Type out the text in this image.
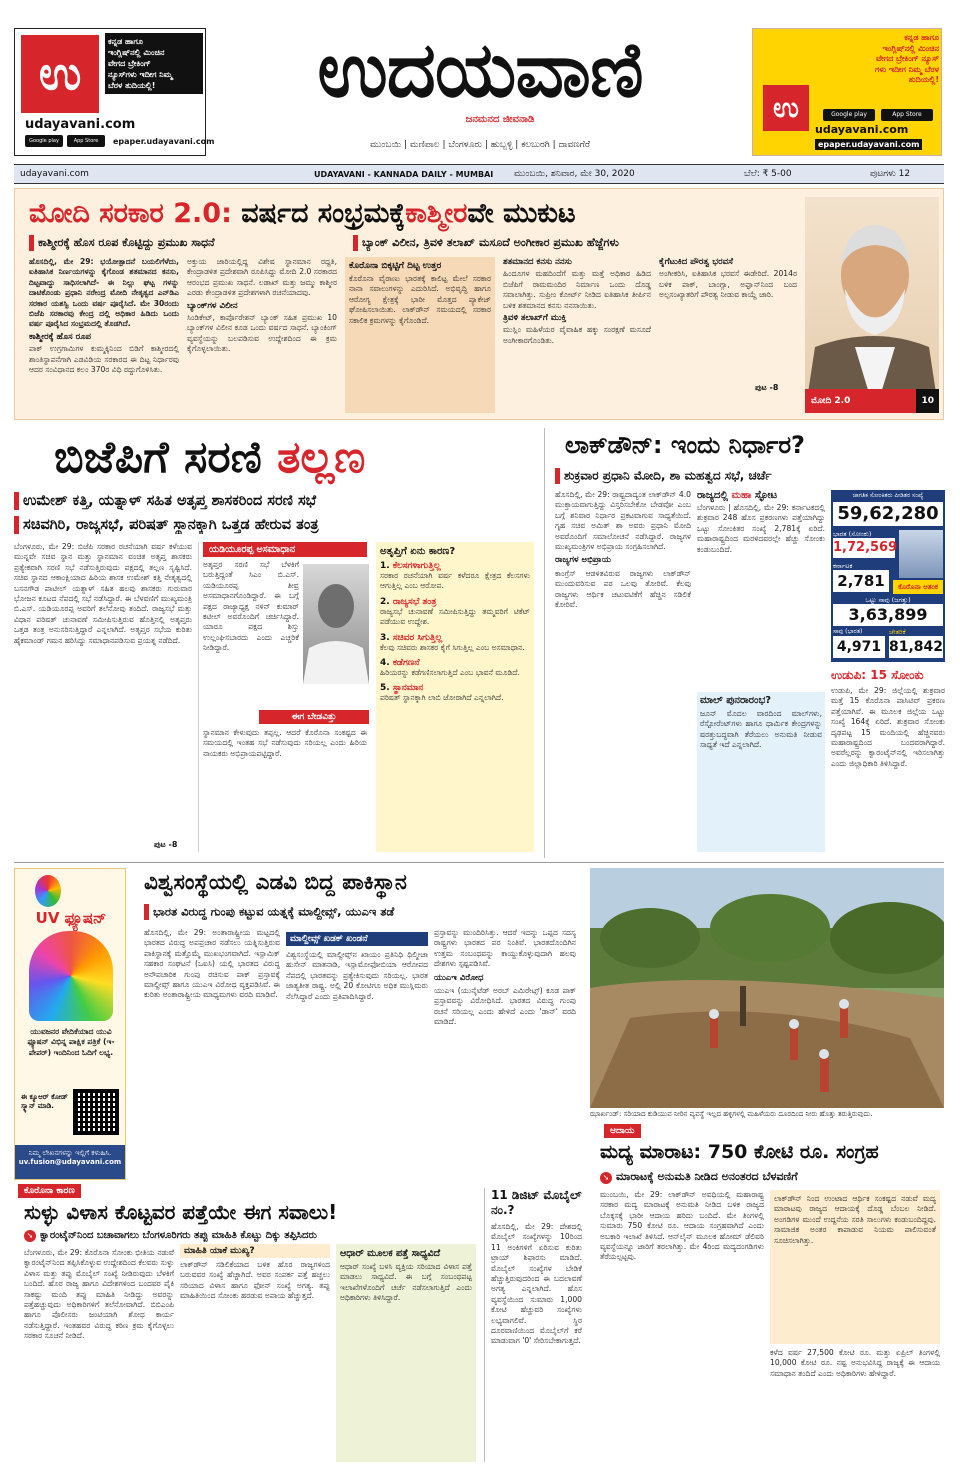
ಉ
ಕನ್ನಡ ಹಾಗೂ
ಇಂಗ್ಲಿಷ್‌ನಲ್ಲಿ ಮಿಂಚಿನ
ವೇಗದ ಬ್ರೇಕಿಂಗ್
ನ್ಯೂಸ್‌ಗಳು ಇದೀಗ ನಿಮ್ಮ
ಬೆರಳ ತುದಿಯಲ್ಲಿ!
udayavani.com
Google play	App Store	epaper.udayavani.com
ಉದಯವಾಣಿ
ಜನಮನದ ಜೀವನಾಡಿ
ಕನ್ನಡ ಹಾಗೂ
ಇಂಗ್ಲಿಷ್‌ನಲ್ಲಿ ಮಿಂಚಿನ
ವೇಗದ ಬ್ರೇಕಿಂಗ್ ನ್ಯೂಸ್
ಗಳು ಇದೀಗ ನಿಮ್ಮ ಬೆರಳ
ತುದಿಯಲ್ಲಿ!
ಉ
udayavani.com
Google play	App Store
epaper.udayavani.com
ಮುಂಬಯಿ | ಮಣಿಪಾಲ | ಬೆಂಗಳೂರು | ಹುಬ್ಬಳ್ಳಿ | ಕಲಬುರಗಿ | ದಾವಣಗೆರೆ
udayavani.com	UDAYAVANI - KANNADA DAILY - MUMBAI ಮುಂಬಯಿ, ಶನಿವಾರ, ಮೇ 30, 2020	ಬೆಲೆ: ₹ 5-00	ಪುಟಗಳು 12
ಮೋದಿ ಸರಕಾರ 2.0: ವರ್ಷದ ಸಂಭ್ರಮಕ್ಕೆಕಾಶ್ಮೀರವೇ ಮುಕುಟ
ಕಾಶ್ಮೀರಕ್ಕೆ ಹೊಸ ರೂಪ ಕೊಟ್ಟಿದ್ದು ಪ್ರಮುಖ ಸಾಧನೆ	ಬ್ಯಾಂಕ್ ವಿಲೀನ, ತ್ರಿವಳಿ ತಲಾಖ್ ಮಸೂದೆ ಅಂಗೀಕಾರ ಪ್ರಮುಖ ಹೆಜ್ಜೆಗಳು
ಹೊಸದಿಲ್ಲಿ, ಮೇ 29: ಭಯೋತ್ಪಾದನೆ ಬಯಲಿಗೆಳೆದು, ಐತಿಹಾಸಿಕ ನಿರ್ಣಯಗಳನ್ನು ಕೈಗೊಂಡ ಶತಮಾನದ ಕನಸು, ದಿಟ್ಟವಾದ್ದು ಸಾಧಿಸಲಾಗಿದೆ- ಈ ನಿಲ್ಲು ಘಟ್ಟ ಗಳನ್ನು ದಾಟಿಕೊಂಡು ಪ್ರಧಾನಿ ನರೇಂದ್ರ ಮೋದಿ ನೇತೃತ್ವದ ಎನ್‌ಡಿಎ ಸರಕಾರ ಯಶಸ್ವಿ ಒಂದು ವರ್ಷ ಪೂರೈಸಿದೆ. ಮೇ 30ರಂದು ಬಿಜೆಪಿ ಸರಕಾರವು ಕೇಂದ್ರ ದಲ್ಲಿ ಅಧಿಕಾರ ಹಿಡಿದು ಒಂದು ವರ್ಷ ಪೂರೈಸಿದ ಸಂಭ್ರಮದಲ್ಲಿ ತೊಡಗಿದೆ.
ಕಾಶ್ಮೀರಕ್ಕೆ ಹೊಸ ರೂಪ
ಪಾಕ್ ಉಗ್ರಗಾಮಿಗಳ ಕುಮ್ಮಕ್ಕಿನಿಂದ ಬಿಡಿಗೆ ಕಾಶ್ಮೀರದಲ್ಲಿ ಶಾಂತಿಸ್ಥಾಪನೆಗಾಗಿ ಎಡವಿಡಿಯ ಸರಕಾರದ ಈ ದಿಟ್ಟ ನಿರ್ಧಾರವು ಆದರ ಸಂವಿಧಾನದ ಕಲಂ 370ರ ವಿಧಿ ರದ್ದುಗೊಳಿಸಿತು.
ಅಕ್ತುಯ ಜಾರಿಯಲ್ಲಿದ್ದ ವಿಶೇಷ ಸ್ಥಾನಮಾನ ರದ್ದತಿ, ಕೇಂದ್ರಾಡಳಿತ ಪ್ರದೇಶವಾಗಿ ರೂಪಿಸಿದ್ದು ಮೋದಿ 2.0 ಸರಕಾರದ ಆರಂಭದ ಪ್ರಮುಖ ಸಾಧನೆ. ಲಡಾಖ್ ಮತ್ತು ಜಮ್ಮು ಕಾಶ್ಮೀರ ಎರಡು ಕೇಂದ್ರಾಡಳಿತ ಪ್ರದೇಶಗಳಾಗಿ ರಚನೆಯಾದವು.
ಬ್ಯಾಂಕ್‌ಗಳ ವಿಲೀನ
ಸಿಂಡಿಕೇಟ್, ಕಾರ್ಪೊರೇಶನ್ ಬ್ಯಾಂಕ್ ಸಹಿತ ಪ್ರಮುಖ 10 ಬ್ಯಾಂಕ್‌ಗಳ ವಿಲೀನ ಕೂಡ ಒಂದು ವರ್ಷದ ಸಾಧನೆ. ಬ್ಯಾಂಕಿಂಗ್ ವ್ಯವಸ್ಥೆಯನ್ನು ಬಲಪಡಿಸುವ ಉದ್ದೇಶದಿಂದ ಈ ಕ್ರಮ ಕೈಗೊಳ್ಳಲಾಯಿತು.
ಕೊರೊನಾ ಬಿಕ್ಕಟ್ಟಿಗೆ ದಿಟ್ಟ ಉತ್ತರ
ಕೊರೊನಾ ವೈರಾಣು ಭಾರತಕ್ಕೆ ಕಾಲಿಟ್ಟ ಮೇಲೆ ಸರಕಾರ ನಾನಾ ಸವಾಲುಗಳನ್ನು ಎದುರಿಸಿದೆ. ಅಭಿವೃದ್ಧಿ ಹಾಗೂ ಆರೋಗ್ಯ ಕ್ಷೇತ್ರಕ್ಕೆ ಭಾರೀ ಮೊತ್ತದ ಪ್ಯಾಕೇಜ್ ಘೋಷಿಸಲಾಯಿತು. ಲಾಕ್‌ಡೌನ್ ಸಮಯದಲ್ಲಿ ಸರಕಾರ ಸಕಾಲಿಕ ಕ್ರಮಗಳನ್ನು ಕೈಗೊಂಡಿದೆ.
ಶತಮಾನದ ಕನಸು ನನಸು
ಹಿಂದೂಗಳ ಮಹದಿಂದೆಗೆ ಮತ್ತು ಮತ್ತೆ ಅಧಿಕಾರ ಹಿಡಿದ ಬಿಜೆಪಿಗೆ ರಾಮಮಂದಿರ ನಿರ್ಮಾಣ ಒಂದು ದೊಡ್ಡ ಸವಾಲಾಗಿತ್ತು. ಸುಪ್ರೀಂ ಕೋರ್ಟ್ ನೀಡಿದ ಐತಿಹಾಸಿಕ ತೀರ್ಪಿನ ಬಳಿಕ ಶತಮಾನದ ಕನಸು ನನಸಾಯಿತು.
ತ್ರಿವಳಿ ತಲಾಖ್‌ಗೆ ಮುಕ್ತಿ
ಮುಸ್ಲಿಂ ಮಹಿಳೆಯರ ವೈವಾಹಿಕ ಹಕ್ಕು ಸಂರಕ್ಷಣೆ ಮಸೂದೆ ಅಂಗೀಕಾರಗೊಂಡಿತು.
ಕೈಗೆಟುಕಿದ ಪೌರತ್ವ ಭರವಸೆ
ಅಂಗೀಕರಿಸಿ, ಐತಿಹಾಸಿಕ ಭರವಸೆ ಈಡೇರಿದೆ. 2014ರ ಬಳಿಕ ಪಾಕ್, ಬಾಂಗ್ಲಾ, ಅಫ್ಘಾನ್‌ನಿಂದ ಬಂದ ಅಲ್ಪಸಂಖ್ಯಾತರಿಗೆ ಪೌರತ್ವ ನೀಡುವ ಕಾಯ್ದೆ ಜಾರಿ.
ಪುಟ -8
ಮೋದಿ 2.0	10
ಬಿಜೆಪಿಗೆ ಸರಣಿ ತಲ್ಲಣ
ಉಮೇಶ್ ಕತ್ತಿ, ಯತ್ನಾಳ್ ಸಹಿತ ಅತೃಪ್ತ ಶಾಸಕರಿಂದ ಸರಣಿ ಸಭೆ
ಸಚಿವಗಿರಿ, ರಾಜ್ಯಸಭೆ, ಪರಿಷತ್ ಸ್ಥಾನಕ್ಕಾಗಿ ಒತ್ತಡ ಹೇರುವ ತಂತ್ರ
ಬೆಂಗಳೂರು, ಮೇ 29: ಬಿಜೆಪಿ ಸರಕಾರ ರಚನೆಯಾಗಿ ವರ್ಷ ಕಳೆಯುವ ಮುನ್ನವೇ ಸಚಿವ ಸ್ಥಾನ ಮತ್ತು ಸ್ಥಾನಮಾನ ವಂಚಿತ ಅತೃಪ್ತ ಶಾಸಕರು ಪ್ರತ್ಯೇಕವಾಗಿ ಸರಣಿ ಸಭೆ ನಡೆಸುತ್ತಿರುವುದು ಪಕ್ಷದಲ್ಲಿ ತಲ್ಲಣ ಸೃಷ್ಟಿಸಿದೆ. ಸಚಿವ ಸ್ಥಾನದ ಆಕಾಂಕ್ಷಿಯಾದ ಹಿರಿಯ ಶಾಸಕ ಉಮೇಶ್ ಕತ್ತಿ ನೇತೃತ್ವದಲ್ಲಿ ಬಸನಗೌಡ ಪಾಟೀಲ್ ಯತ್ನಾಳ್ ಸಹಿತ ಹಲವು ಶಾಸಕರು ಗುರುವಾರ ಭೋಜನ ಕೂಟದ ನೆಪದಲ್ಲಿ ಸಭೆ ನಡೆಸಿದ್ದಾರೆ. ಈ ಬೆಳವಣಿಗೆ ಮುಖ್ಯಮಂತ್ರಿ ಬಿ.ಎಸ್. ಯಡಿಯೂರಪ್ಪ ಅವರಿಗೆ ತಲೆನೋವು ತಂದಿದೆ. ರಾಜ್ಯಸಭೆ ಮತ್ತು ವಿಧಾನ ಪರಿಷತ್ ಚುನಾವಣೆ ಸಮೀಪಿಸುತ್ತಿರುವ ಹೊತ್ತಿನಲ್ಲಿ ಅತೃಪ್ತರು ಒತ್ತಡ ತಂತ್ರ ಅನುಸರಿಸುತ್ತಿದ್ದಾರೆ ಎನ್ನಲಾಗಿದೆ. ಅತೃಪ್ತರ ಸಭೆಯ ಕುರಿತು ಹೈಕಮಾಂಡ್ ಗಮನ ಹರಿಸಿದ್ದು ಸಮಾಧಾನಪಡಿಸುವ ಪ್ರಯತ್ನ ನಡೆದಿದೆ.
ಯಡಿಯೂರಪ್ಪ ಅಸಮಾಧಾನ
ಅತೃಪ್ತರ ಸರಣಿ ಸಭೆ ಬೆಳಕಿಗೆ ಬರುತ್ತಿದ್ದಂತೆ ಸಿಎಂ ಬಿ.ಎಸ್. ಯಡಿಯೂರಪ್ಪ ತೀವ್ರ ಅಸಮಾಧಾನಗೊಂಡಿದ್ದಾರೆ. ಈ ಬಗ್ಗೆ ಪಕ್ಷದ ರಾಜ್ಯಾಧ್ಯಕ್ಷ ನಳಿನ್ ಕುಮಾರ್ ಕಟೀಲ್ ಅವರೊಂದಿಗೆ ಚರ್ಚಿಸಿದ್ದಾರೆ. ಯಾರೂ ಪಕ್ಷದ ಶಿಸ್ತು ಉಲ್ಲಂಘಿಸಬಾರದು ಎಂದು ಎಚ್ಚರಿಕೆ ನೀಡಿದ್ದಾರೆ.
ಈಗ ಬೇಡವಿತ್ತು
ಸ್ಥಾನಮಾನ ಕೇಳುವುದು ತಪ್ಪಲ್ಲ. ಆದರೆ ಕೊರೊನಾ ಸಂಕಷ್ಟದ ಈ ಸಮಯದಲ್ಲಿ ಇಂತಹ ಸಭೆ ನಡೆಸುವುದು ಸರಿಯಲ್ಲ ಎಂದು ಹಿರಿಯ ನಾಯಕರು ಅಭಿಪ್ರಾಯಪಟ್ಟಿದ್ದಾರೆ.
ಅತೃಪ್ತಿಗೆ ಏನು ಕಾರಣ?
1. ಕೆಲಸಗಳಾಗುತ್ತಿಲ್ಲ
ಸರಕಾರ ರಚನೆಯಾಗಿ ವರ್ಷ ಕಳೆದರೂ ಕ್ಷೇತ್ರದ ಕೆಲಸಗಳು ಆಗುತ್ತಿಲ್ಲ ಎಂಬ ಆರೋಪ.
2. ರಾಜ್ಯಸಭೆ ತಂತ್ರ
ರಾಜ್ಯಸಭೆ ಚುನಾವಣೆ ಸಮೀಪಿಸುತ್ತಿದ್ದು ತಮ್ಮವರಿಗೆ ಟಿಕೆಟ್ ಪಡೆಯುವ ಉದ್ದೇಶ.
3. ಸಚಿವರ ಸಿಗುತ್ತಿಲ್ಲ
ಕೆಲವು ಸಚಿವರು ಶಾಸಕರ ಕೈಗೆ ಸಿಗುತ್ತಿಲ್ಲ ಎಂಬ ಅಸಮಾಧಾನ.
4. ಕಡೆಗಣನೆ
ಹಿರಿಯರನ್ನು ಕಡೆಗಣಿಸಲಾಗುತ್ತಿದೆ ಎಂಬ ಭಾವನೆ ಮೂಡಿದೆ.
5. ಸ್ಥಾನಮಾನ
ಪರಿಷತ್ ಸ್ಥಾನಕ್ಕಾಗಿ ಲಾಬಿ ಜೋರಾಗಿದೆ ಎನ್ನಲಾಗಿದೆ.
ಪುಟ -8
ಲಾಕ್‌ಡೌನ್: ಇಂದು ನಿರ್ಧಾರ?
ಶುಕ್ರವಾರ ಪ್ರಧಾನಿ ಮೋದಿ, ಶಾ ಮಹತ್ವದ ಸಭೆ, ಚರ್ಚೆ
ಹೊಸದಿಲ್ಲಿ, ಮೇ 29: ರಾಷ್ಟ್ರದಾದ್ಯಂತ ಲಾಕ್‌ಡೌನ್ 4.0 ಮುಕ್ತಾಯವಾಗುತ್ತಿದ್ದು ವಿಸ್ತರಿಸಬೇಕೋ ಬೇಡವೋ ಎಂಬ ಬಗ್ಗೆ ಶನಿವಾರ ನಿರ್ಧಾರ ಪ್ರಕಟವಾಗುವ ಸಾಧ್ಯತೆಯಿದೆ. ಗೃಹ ಸಚಿವ ಅಮಿತ್ ಶಾ ಅವರು ಪ್ರಧಾನಿ ಮೋದಿ ಅವರೊಂದಿಗೆ ಸಮಾಲೋಚನೆ ನಡೆಸಿದ್ದಾರೆ. ರಾಜ್ಯಗಳ ಮುಖ್ಯಮಂತ್ರಿಗಳ ಅಭಿಪ್ರಾಯ ಸಂಗ್ರಹಿಸಲಾಗಿದೆ.
ರಾಜ್ಯಗಳ ಅಭಿಪ್ರಾಯ
ಕಾಂಗ್ರೆಸ್ ಆಡಳಿತವಿರುವ ರಾಜ್ಯಗಳು ಲಾಕ್‌ಡೌನ್ ಮುಂದುವರಿಸುವ ಪರ ಒಲವು ತೋರಿವೆ. ಕೆಲವು ರಾಜ್ಯಗಳು ಆರ್ಥಿಕ ಚಟುವಟಿಕೆಗೆ ಹೆಚ್ಚಿನ ಸಡಿಲಿಕೆ ಕೋರಿವೆ.
ರಾಜ್ಯದಲ್ಲಿ ಮಹಾ ಸ್ಫೋಟ
ಬೆಂಗಳೂರು | ಹೊಸದಿಲ್ಲಿ, ಮೇ 29: ಕರ್ನಾಟಕದಲ್ಲಿ ಶುಕ್ರವಾರ 248 ಹೊಸ ಪ್ರಕರಣಗಳು ಪತ್ತೆಯಾಗಿದ್ದು ಒಟ್ಟು ಸೋಂಕಿತರ ಸಂಖ್ಯೆ 2,781ಕ್ಕೆ ಏರಿದೆ. ಮಹಾರಾಷ್ಟ್ರದಿಂದ ಮರಳಿದವರಲ್ಲೇ ಹೆಚ್ಚು ಸೋಂಕು ಕಂಡುಬಂದಿದೆ.
ಮಾಲ್ ಪುನರಾರಂಭ?
ಜೂನ್ ಮೊದಲ ವಾರದಿಂದ ಮಾಲ್‌ಗಳು, ರೆಸ್ಟೋರೆಂಟ್‌ಗಳು ಹಾಗೂ ಧಾರ್ಮಿಕ ಕೇಂದ್ರಗಳನ್ನು ಷರತ್ತುಬದ್ಧವಾಗಿ ತೆರೆಯಲು ಅನುಮತಿ ನೀಡುವ ಸಾಧ್ಯತೆ ಇದೆ ಎನ್ನಲಾಗಿದೆ.
ಜಾಗತಿಕ ಸೋಂಕಿತರು ಪೀಡಿತರ ಸಂಖ್ಯೆ
59,62,280
ಭಾರತ (ಸೋಂಕು)
1,72,569
ಕರ್ನಾಟಕ
2,781	ಕೊರೊನಾ ಆತಂಕ
ಒಟ್ಟು ಸಾವು (ಜಗತ್ತು)
3,63,899
ಸಾವು (ಭಾರತ)
4,971
ಚೇತರಿಕೆ
81,842
ಉಡುಪಿ: 15 ಸೋಂಕು
ಉಡುಪಿ, ಮೇ 29: ಜಿಲ್ಲೆಯಲ್ಲಿ ಶುಕ್ರವಾರ ಮತ್ತೆ 15 ಕೊರೊನಾ ಪಾಸಿಟಿವ್ ಪ್ರಕರಣ ಪತ್ತೆಯಾಗಿವೆ. ಈ ಮೂಲಕ ಜಿಲ್ಲೆಯ ಒಟ್ಟು ಸಂಖ್ಯೆ 164ಕ್ಕೆ ಏರಿದೆ. ಶುಕ್ರವಾರ ಸೋಂಕು ದೃಢಪಟ್ಟ 15 ಮಂದಿಯಲ್ಲಿ ಹೆಚ್ಚಿನವರು ಮಹಾರಾಷ್ಟ್ರದಿಂದ ಬಂದವರಾಗಿದ್ದಾರೆ. ಅವರೆಲ್ಲರನ್ನು ಕ್ವಾರಂಟೈನ್‌ನಲ್ಲಿ ಇರಿಸಲಾಗಿತ್ತು ಎಂದು ಜಿಲ್ಲಾಧಿಕಾರಿ ತಿಳಿಸಿದ್ದಾರೆ.
UV ಫ್ಯೂಷನ್
ಯುವಜನರ ವೇದಿಕೆಯಾದ ಯುವಿ ಫ್ಯೂಷನ್ ವಿಭಿನ್ನ ಪಾಕ್ಷಿಕ ಪತ್ರಿಕೆ (ಇ-ಪೇಪರ್) ಇಂದಿನಿಂದ ಓದಿಗೆ ಲಭ್ಯ.
ಈ ಕ್ಯೂಆರ್ ಕೋಡ್ ಸ್ಕ್ಯಾನ್ ಮಾಡಿ.
ನಿಮ್ಮ ಲೇಖನಗಳನ್ನು ಇಲ್ಲಿಗೆ ಕಳುಹಿಸಿ.
uv.fusion@udayavani.com
ವಿಶ್ವಸಂಸ್ಥೆಯಲ್ಲಿ ಎಡವಿ ಬಿದ್ದ ಪಾಕಿಸ್ಥಾನ
ಭಾರತ ವಿರುದ್ಧ ಗುಂಪು ಕಟ್ಟುವ ಯತ್ನಕ್ಕೆ ಮಾಲ್ದೀವ್ಸ್, ಯುಎಇ ತಡೆ
ಹೊಸದಿಲ್ಲಿ, ಮೇ 29: ಅಂತಾರಾಷ್ಟ್ರೀಯ ಮಟ್ಟದಲ್ಲಿ ಭಾರತದ ವಿರುದ್ಧ ಅಪಪ್ರಚಾರ ನಡೆಸಲು ಯತ್ನಿಸುತ್ತಿರುವ ಪಾಕಿಸ್ಥಾನಕ್ಕೆ ಮತ್ತೊಮ್ಮೆ ಮುಖಭಂಗವಾಗಿದೆ. ಇಸ್ಲಾಮಿಕ್ ಸಹಕಾರ ಸಂಘಟನೆ (ಒಐಸಿ) ಯಲ್ಲಿ ಭಾರತದ ವಿರುದ್ಧ ಅನೌಪಚಾರಿಕ ಗುಂಪು ರಚಿಸುವ ಪಾಕ್ ಪ್ರಸ್ತಾವಕ್ಕೆ ಮಾಲ್ದೀವ್ಸ್ ಹಾಗೂ ಯುಎಇ ವಿರೋಧ ವ್ಯಕ್ತಪಡಿಸಿವೆ. ಈ ಕುರಿತು ಅಂತಾರಾಷ್ಟ್ರೀಯ ಮಾಧ್ಯಮಗಳು ವರದಿ ಮಾಡಿವೆ.
ಮಾಲ್ದೀವ್ಸ್ ಖಡಕ್ ಖಂಡನೆ
ವಿಶ್ವಸಂಸ್ಥೆಯಲ್ಲಿ ಮಾಲ್ದೀವ್ಸ್‌ನ ಖಾಯಂ ಪ್ರತಿನಿಧಿ ಥಿಲ್ಮೀಜಾ ಹುಸೇನ್ ಮಾತನಾಡಿ, ಇಸ್ಲಾಮೋಫೋಬಿಯಾ ಆರೋಪದ ನೆಪದಲ್ಲಿ ಭಾರತವನ್ನು ಪ್ರತ್ಯೇಕಿಸುವುದು ಸರಿಯಲ್ಲ. ಭಾರತ ಜಾತ್ಯತೀತ ರಾಷ್ಟ್ರ. ಅಲ್ಲಿ 20 ಕೋಟಿಗೂ ಅಧಿಕ ಮುಸ್ಲಿಮರು ನೆಲೆಸಿದ್ದಾರೆ ಎಂದು ಪ್ರತಿಪಾದಿಸಿದ್ದಾರೆ.
ಪ್ರಸ್ತಾವನ್ನು ಮುಂದಿರಿಸಿತ್ತು. ಆದರೆ ಇದನ್ನು ಒಪ್ಪದ ಸದಸ್ಯ ರಾಷ್ಟ್ರಗಳು ಭಾರತದ ಪರ ನಿಂತಿವೆ. ಭಾರತದೊಂದಿಗಿನ ಉತ್ತಮ ಸಂಬಂಧವನ್ನು ಕಾಯ್ದುಕೊಳ್ಳುವುದಾಗಿ ಹಲವು ದೇಶಗಳು ಸ್ಪಷ್ಟಪಡಿಸಿವೆ.
ಯುಎಇ ವಿರೋಧ
ಯುಎಇ (ಯುನೈಟೆಡ್ ಅರಬ್ ಎಮಿರೇಟ್ಸ್) ಕೂಡ ಪಾಕ್ ಪ್ರಸ್ತಾವವನ್ನು ವಿರೋಧಿಸಿದೆ. ಭಾರತದ ವಿರುದ್ಧ ಗುಂಪು ರಚನೆ ಸರಿಯಲ್ಲ ಎಂದು ಹೇಳಿದೆ ಎಂದು 'ಡಾನ್' ವರದಿ ಮಾಡಿದೆ.
ಝಾರ್ಖಂಡ್: ಸರಿಯಾದ ಕುಡಿಯುವ ನೀರಿನ ವ್ಯವಸ್ಥೆ ಇಲ್ಲದ ಹಳ್ಳಿಗಳಲ್ಲಿ ಮಹಿಳೆಯರು ದೂರದಿಂದ ನೀರು ಹೊತ್ತು ತರುತ್ತಿರುವುದು.
ಆದಾಯ
ಮದ್ಯ ಮಾರಾಟ: 750 ಕೋಟಿ ರೂ. ಸಂಗ್ರಹ
➘ ಮಾರಾಟಕ್ಕೆ ಅನುಮತಿ ನೀಡಿದ ಅನಂತರದ ಬೆಳವಣಿಗೆ
ಮುಂಬಯಿ, ಮೇ 29: ಲಾಕ್‌ಡೌನ್ ಅವಧಿಯಲ್ಲಿ ಮಹಾರಾಷ್ಟ್ರ ಸರಕಾರ ಮದ್ಯ ಮಾರಾಟಕ್ಕೆ ಅನುಮತಿ ನೀಡಿದ ಬಳಿಕ ರಾಜ್ಯದ ಬೊಕ್ಕಸಕ್ಕೆ ಭಾರೀ ಆದಾಯ ಹರಿದು ಬಂದಿದೆ. ಮೇ ತಿಂಗಳಲ್ಲಿ ಸುಮಾರು 750 ಕೋಟಿ ರೂ. ಆದಾಯ ಸಂಗ್ರಹವಾಗಿದೆ ಎಂದು ಅಬಕಾರಿ ಇಲಾಖೆ ತಿಳಿಸಿದೆ. ಆನ್‌ಲೈನ್ ಮೂಲಕ ಹೋಮ್ ಡೆಲಿವರಿ ವ್ಯವಸ್ಥೆಯನ್ನೂ ಜಾರಿಗೆ ತರಲಾಗಿತ್ತು. ಮೇ 4ರಿಂದ ಮದ್ಯದಂಗಡಿಗಳು ತೆರೆಯಲ್ಪಟ್ಟವು.
ಲಾಕ್‌ಡೌನ್ ನಿಂದ ಉಂಟಾದ ಆರ್ಥಿಕ ಸಂಕಷ್ಟದ ನಡುವೆ ಮದ್ಯ ಮಾರಾಟವು ರಾಜ್ಯದ ಆದಾಯಕ್ಕೆ ದೊಡ್ಡ ಬೆಂಬಲ ನೀಡಿದೆ. ಅಂಗಡಿಗಳ ಮುಂದೆ ಉದ್ದನೆಯ ಸರತಿ ಸಾಲುಗಳು ಕಂಡುಬಂದಿದ್ದವು. ಸಾಮಾಜಿಕ ಅಂತರ ಕಾಪಾಡುವ ನಿಯಮ ಪಾಲಿಸುವಂತೆ ಸೂಚಿಸಲಾಗಿತ್ತು.
ಕಳೆದ ವರ್ಷ 27,500 ಕೋಟಿ ರೂ. ಮತ್ತು ಏಪ್ರಿಲ್ ತಿಂಗಳಲ್ಲಿ 10,000 ಕೋಟಿ ರೂ. ನಷ್ಟ ಅನುಭವಿಸಿದ್ದ ರಾಜ್ಯಕ್ಕೆ ಈ ಆದಾಯ ಸಮಾಧಾನ ತಂದಿದೆ ಎಂದು ಅಧಿಕಾರಿಗಳು ಹೇಳಿದ್ದಾರೆ.
ಕೊರೊನಾ ಕಾರಣ
ಸುಳ್ಳು ವಿಳಾಸ ಕೊಟ್ಟವರ ಪತ್ತೆಯೇ ಈಗ ಸವಾಲು!
➘ ಕ್ವಾರಂಟೈನ್‌ನಿಂದ ಬಚಾವಾಗಲು ಬೆಂಗಳೂರಿಗರು ತಪ್ಪು ಮಾಹಿತಿ ಕೊಟ್ಟು ದಿಕ್ಕು ತಪ್ಪಿಸಿದರು
ಬೆಂಗಳೂರು, ಮೇ 29: ಕೊರೊನಾ ಸೋಂಕು ಭೀತಿಯ ನಡುವೆ ಕ್ವಾರಂಟೈನ್‌ನಿಂದ ತಪ್ಪಿಸಿಕೊಳ್ಳುವ ಉದ್ದೇಶದಿಂದ ಕೆಲವರು ಸುಳ್ಳು ವಿಳಾಸ ಮತ್ತು ತಪ್ಪು ಮೊಬೈಲ್ ಸಂಖ್ಯೆ ನೀಡಿರುವುದು ಬೆಳಕಿಗೆ ಬಂದಿದೆ. ಹೊರ ರಾಜ್ಯ ಹಾಗೂ ವಿದೇಶಗಳಿಂದ ಬಂದವರ ಪೈಕಿ ಸಾಕಷ್ಟು ಮಂದಿ ತಪ್ಪು ಮಾಹಿತಿ ನೀಡಿದ್ದು ಅವರನ್ನು ಪತ್ತೆಹಚ್ಚುವುದು ಅಧಿಕಾರಿಗಳಿಗೆ ತಲೆನೋವಾಗಿದೆ. ಬಿಬಿಎಂಪಿ ಹಾಗೂ ಪೊಲೀಸರು ಜಂಟಿಯಾಗಿ ಶೋಧ ಕಾರ್ಯ ನಡೆಸುತ್ತಿದ್ದಾರೆ. ಇಂತಹವರ ವಿರುದ್ಧ ಕಠಿಣ ಕ್ರಮ ಕೈಗೊಳ್ಳಲು ಸರಕಾರ ಸೂಚನೆ ನೀಡಿದೆ.
ಮಾಹಿತಿ ಯಾಕೆ ಮುಖ್ಯ?
ಲಾಕ್‌ಡೌನ್ ಸಡಿಲಿಕೆಯಾದ ಬಳಿಕ ಹೊರ ರಾಜ್ಯಗಳಿಂದ ಬರುವವರ ಸಂಖ್ಯೆ ಹೆಚ್ಚಾಗಿದೆ. ಅವರ ಸಂಪರ್ಕ ಪತ್ತೆ ಹಚ್ಚಲು ಸರಿಯಾದ ವಿಳಾಸ ಹಾಗೂ ಫೋನ್ ಸಂಖ್ಯೆ ಅಗತ್ಯ. ತಪ್ಪು ಮಾಹಿತಿಯಿಂದ ಸೋಂಕು ಹರಡುವ ಅಪಾಯ ಹೆಚ್ಚುತ್ತದೆ.
ಆಧಾರ್ ಮೂಲಕ ಪತ್ತೆ ಸಾಧ್ಯವಿದೆ
ಆಧಾರ್ ಸಂಖ್ಯೆ ಬಳಸಿ ವ್ಯಕ್ತಿಯ ಸರಿಯಾದ ವಿಳಾಸ ಪತ್ತೆ ಮಾಡಲು ಸಾಧ್ಯವಿದೆ. ಈ ಬಗ್ಗೆ ಸಂಬಂಧಪಟ್ಟ ಇಲಾಖೆಗಳೊಂದಿಗೆ ಚರ್ಚೆ ನಡೆಸಲಾಗುತ್ತಿದೆ ಎಂದು ಅಧಿಕಾರಿಗಳು ತಿಳಿಸಿದ್ದಾರೆ.
11 ಡಿಜಿಟ್ ಮೊಬೈಲ್ ನಂ.?
ಹೊಸದಿಲ್ಲಿ, ಮೇ 29: ದೇಶದಲ್ಲಿ ಮೊಬೈಲ್ ಸಂಖ್ಯೆಗಳನ್ನು 10ರಿಂದ 11 ಅಂಕಿಗಳಿಗೆ ಏರಿಸುವ ಕುರಿತು ಟ್ರಾಯ್ ಶಿಫಾರಸು ಮಾಡಿದೆ. ಮೊಬೈಲ್ ಸಂಖ್ಯೆಗಳ ಬೇಡಿಕೆ ಹೆಚ್ಚುತ್ತಿರುವುದರಿಂದ ಈ ಬದಲಾವಣೆ ಅಗತ್ಯ ಎನ್ನಲಾಗಿದೆ. ಹೊಸ ವ್ಯವಸ್ಥೆಯಿಂದ ಸುಮಾರು 1,000 ಕೋಟಿ ಹೆಚ್ಚುವರಿ ಸಂಖ್ಯೆಗಳು ಲಭ್ಯವಾಗಲಿವೆ. ಸ್ಥಿರ ದೂರವಾಣಿಯಿಂದ ಮೊಬೈಲ್‌ಗೆ ಕರೆ ಮಾಡುವಾಗ '0' ಸೇರಿಸಬೇಕಾಗುತ್ತದೆ.
